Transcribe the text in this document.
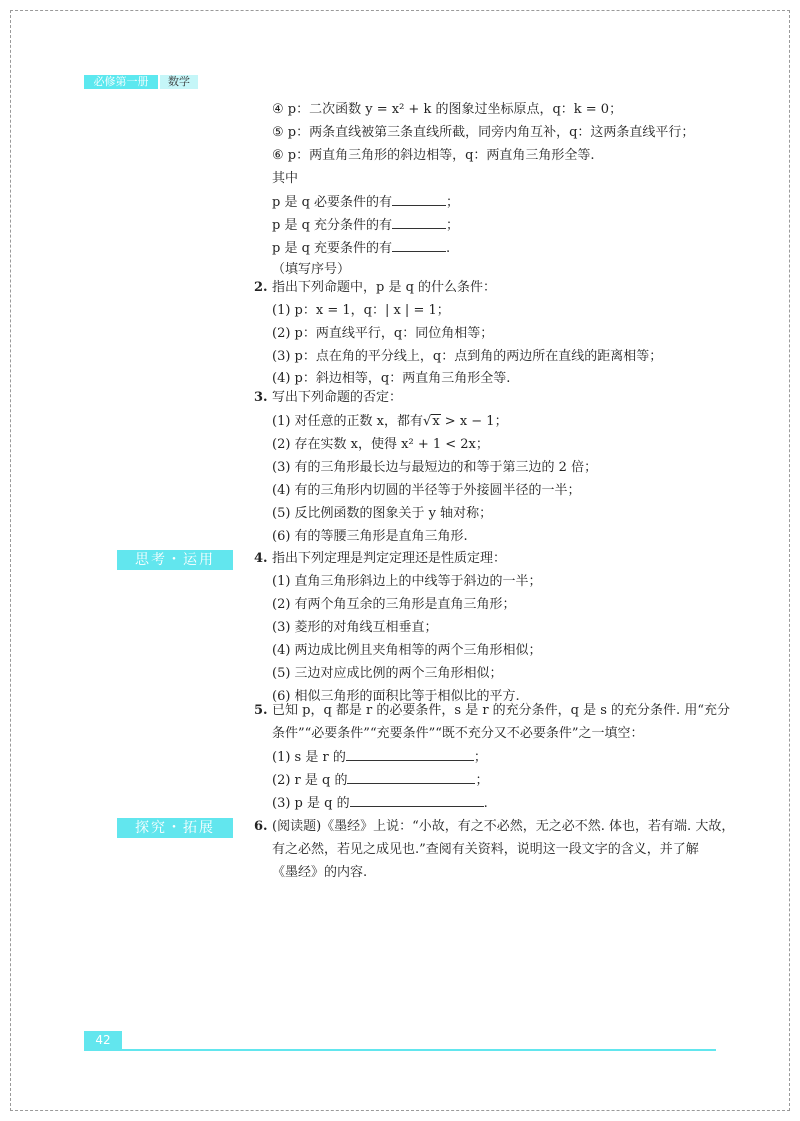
必修第一册	数学
④ p：二次函数 y = x² + k 的图象过坐标原点，q：k = 0；
⑤ p：两条直线被第三条直线所截，同旁内角互补，q：这两条直线平行；
⑥ p：两直角三角形的斜边相等，q：两直角三角形全等.
其中
p 是 q 必要条件的有	；
p 是 q 充分条件的有	；
p 是 q 充要条件的有	.
（填写序号）
2. 指出下列命题中，p 是 q 的什么条件：
(1) p：x = 1，q：| x | = 1；
(2) p：两直线平行，q：同位角相等；
(3) p：点在角的平分线上，q：点到角的两边所在直线的距离相等；
(4) p：斜边相等，q：两直角三角形全等.
3. 写出下列命题的否定：
(1) 对任意的正数 x，都有√x > x − 1；
(2) 存在实数 x，使得 x² + 1 < 2x；
(3) 有的三角形最长边与最短边的和等于第三边的 2 倍；
(4) 有的三角形内切圆的半径等于外接圆半径的一半；
(5) 反比例函数的图象关于 y 轴对称；
(6) 有的等腰三角形是直角三角形.
思考・运用	4. 指出下列定理是判定定理还是性质定理：
(1) 直角三角形斜边上的中线等于斜边的一半；
(2) 有两个角互余的三角形是直角三角形；
(3) 菱形的对角线互相垂直；
(4) 两边成比例且夹角相等的两个三角形相似；
(5) 三边对应成比例的两个三角形相似；
(6) 相似三角形的面积比等于相似比的平方.
5. 已知 p，q 都是 r 的必要条件，s 是 r 的充分条件，q 是 s 的充分条件. 用“充分
条件”“必要条件”“充要条件”“既不充分又不必要条件”之一填空：
(1) s 是 r 的	；
(2) r 是 q 的	；
(3) p 是 q 的	.
探究・拓展	6. (阅读题)《墨经》上说：“小故，有之不必然，无之必不然. 体也，若有端. 大故，
有之必然，若见之成见也.”查阅有关资料，说明这一段文字的含义，并了解
《墨经》的内容.
42
